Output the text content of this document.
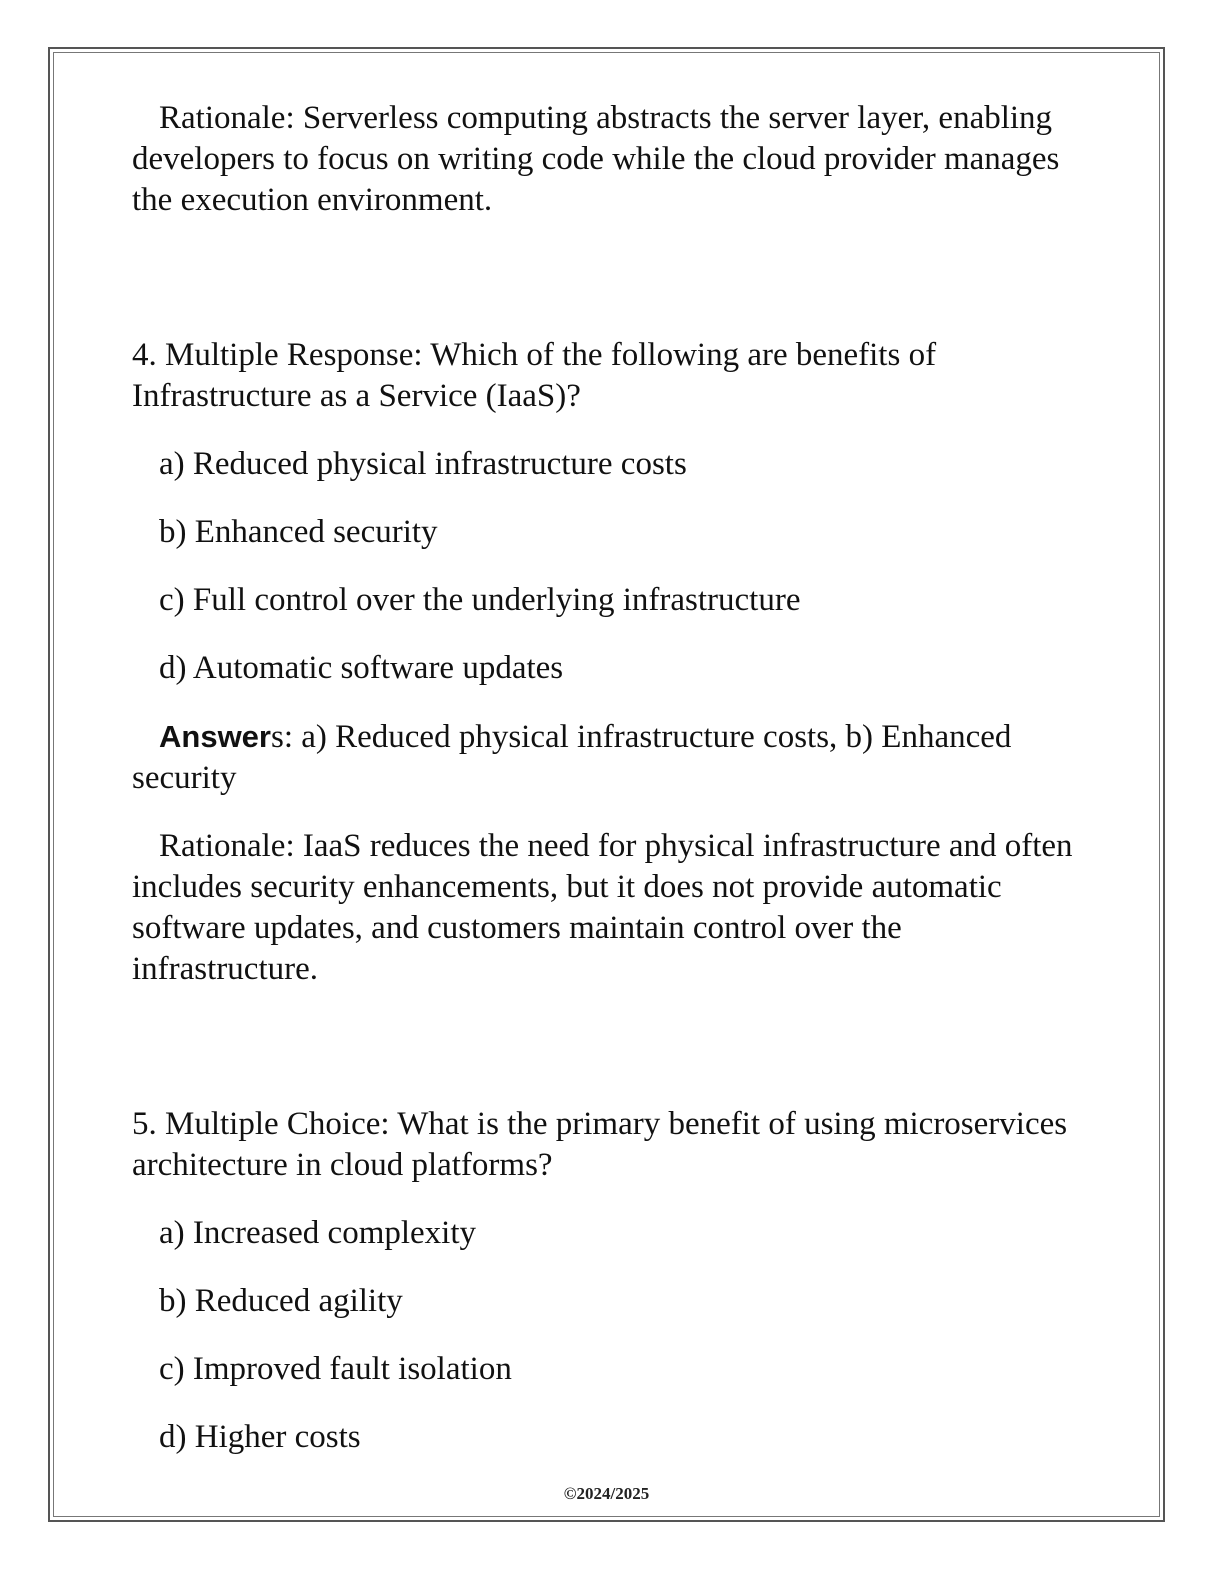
Rationale: Serverless computing abstracts the server layer, enabling developers to focus on writing code while the cloud provider manages the execution environment.

4. Multiple Response: Which of the following are benefits of Infrastructure as a Service (IaaS)?

a) Reduced physical infrastructure costs

b) Enhanced security

c) Full control over the underlying infrastructure

d) Automatic software updates

Answers: a) Reduced physical infrastructure costs, b) Enhanced security

Rationale: IaaS reduces the need for physical infrastructure and often includes security enhancements, but it does not provide automatic software updates, and customers maintain control over the infrastructure.

5. Multiple Choice: What is the primary benefit of using microservices architecture in cloud platforms?

a) Increased complexity

b) Reduced agility

c) Improved fault isolation

d) Higher costs

©2024/2025
